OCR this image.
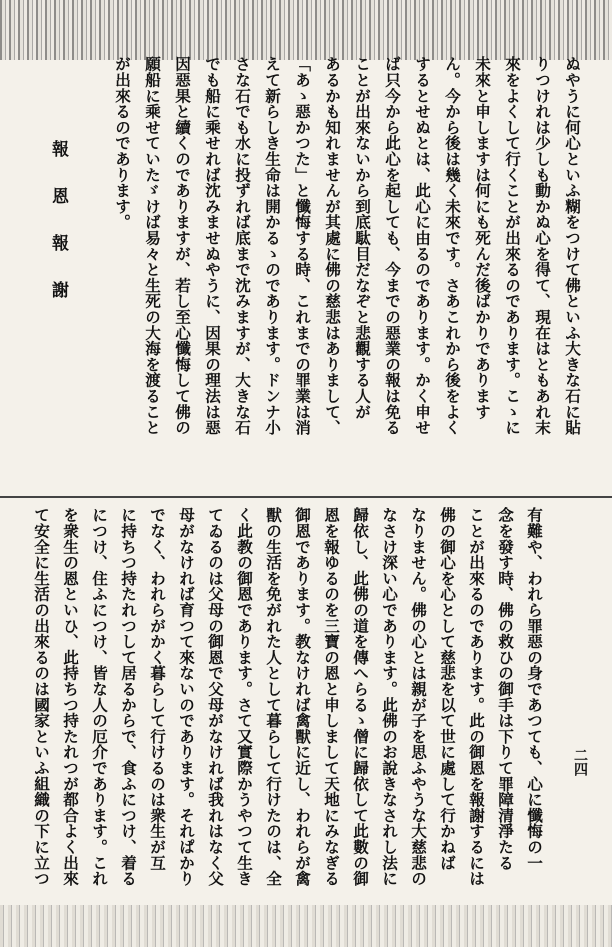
ぬやうに何心といふ糊をつけて佛といふ大きな石に貼
りつけれは少しも動かぬ心を得て、現在はともあれ末
來をよくして行くことが出來るのであります。こゝに
未來と申しますは何にも死んだ後ばかりであります
ん。今から後は幾く未來です。さあこれから後をよく
するとせぬとは、此心に由るのであります。かく申せ
ば只今から此心を起しても、今までの惡業の報は免る
ことが出來ないから到底駄目だなぞと悲觀する人が
あるかも知れませんが其處に佛の慈悲はありまして、
「あゝ惡かつた」と懺悔する時、これまでの罪業は消
えて新らしき生命は開かるゝのであります。ドンナ小
さな石でも水に投ずれば底まで沈みますが、大きな石
でも船に乘せれば沈みませぬやうに、因果の理法は惡
因惡果と續くのでありますが、若し至心懺悔して佛の
願船に乘せていたゞけば易々と生死の大海を渡ること
が出來るのであります。
報恩報謝
有難や、われら罪惡の身であつても、心に懺悔の一
念を發す時、佛の救ひの御手は下りて罪障清淨たる
ことが出來るのであります。此の御恩を報謝するには
佛の御心を心として慈悲を以て世に處して行かねば
なりません。佛の心とは親が子を思ふやうな大慈悲の
なさけ深い心であります。此佛のお說きなされし法に
歸依し、此佛の道を傳へらるゝ僧に歸依して此數の御
恩を報ゆるのを三寶の恩と申しまして天地にみなぎる
御恩であります。教なければ禽獸に近し、われらが禽
獸の生活を免がれた人として暮らして行けたのは、全
く此教の御恩であります。さて又實際かうやつて生き
てゐるのは父母の御恩で父母がなければ我れはなく父
母がなければ育つて來ないのであります。それぱかり
でなく、われらがかく暮らして行けるのは衆生が互
に持ちつ持たれつして居るからで、食ふにつけ、着る
につけ、住ふにつけ、皆な人の厄介であります。これ
を衆生の恩といひ、此持ちつ持たれつが都合よく出來
て安全に生活の出來るのは國家といふ組織の下に立つ	二四
